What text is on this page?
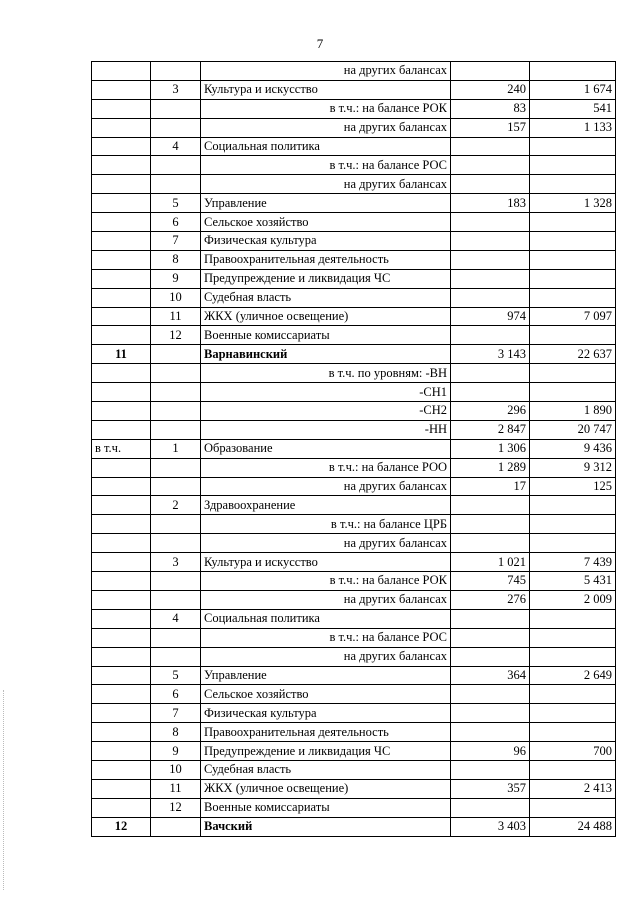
7
		на других балансах		
	3	Культура и искусство	240	1 674
		в т.ч.: на балансе РОК	83	541
		на других балансах	157	1 133
	4	Социальная политика		
		в т.ч.: на балансе РОС		
		на других балансах		
	5	Управление	183	1 328
	6	Сельское хозяйство		
	7	Физическая культура		
	8	Правоохранительная деятельность		
	9	Предупреждение и ликвидация ЧС		
	10	Судебная власть		
	11	ЖКХ (уличное освещение)	974	7 097
	12	Военные комиссариаты		
11		Варнавинский	3 143	22 637
		в т.ч. по уровням: -ВН		
		-СН1		
		-СН2	296	1 890
		-НН	2 847	20 747
в т.ч.	1	Образование	1 306	9 436
		в т.ч.: на балансе РОО	1 289	9 312
		на других балансах	17	125
	2	Здравоохранение		
		в т.ч.: на балансе ЦРБ		
		на других балансах		
	3	Культура и искусство	1 021	7 439
		в т.ч.: на балансе РОК	745	5 431
		на других балансах	276	2 009
	4	Социальная политика		
		в т.ч.: на балансе РОС		
		на других балансах		
	5	Управление	364	2 649
	6	Сельское хозяйство		
	7	Физическая культура		
	8	Правоохранительная деятельность		
	9	Предупреждение и ликвидация ЧС	96	700
	10	Судебная власть		
	11	ЖКХ (уличное освещение)	357	2 413
	12	Военные комиссариаты		
12		Вачский	3 403	24 488
